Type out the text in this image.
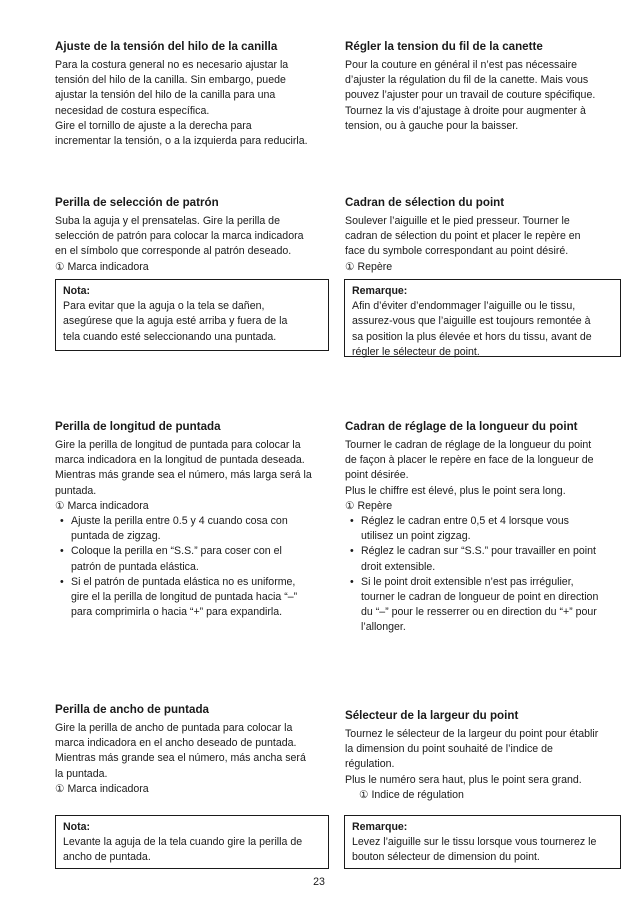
Ajuste de la tensión del hilo de la canilla
Para la costura general no es necesario ajustar la
tensión del hilo de la canilla. Sin embargo, puede
ajustar la tensión del hilo de la canilla para una
necesidad de costura específica.
Gire el tornillo de ajuste a la derecha para
incrementar la tensión, o a la izquierda para reducirla.
Régler la tension du fil de la canette
Pour la couture en général il n’est pas nécessaire
d’ajuster la régulation du fil de la canette. Mais vous
pouvez l’ajuster pour un travail de couture spécifique.
Tournez la vis d’ajustage à droite pour augmenter à
tension, ou à gauche pour la baisser.
Perilla de selección de patrón
Suba la aguja y el prensatelas. Gire la perilla de
selección de patrón para colocar la marca indicadora
en el símbolo que corresponde al patrón deseado.
① Marca indicadora
Nota:
Para evitar que la aguja o la tela se dañen,
asegúrese que la aguja esté arriba y fuera de la
tela cuando esté seleccionando una puntada.
Cadran de sélection du point
Soulever l’aiguille et le pied presseur. Tourner le
cadran de sélection du point et placer le repère en
face du symbole correspondant au point désiré.
① Repère
Remarque:
Afin d’éviter d’endommager l’aiguille ou le tissu,
assurez-vous que l’aiguille est toujours remontée à
sa position la plus élevée et hors du tissu, avant de
régler le sélecteur de point.
Perilla de longitud de puntada
Gire la perilla de longitud de puntada para colocar la
marca indicadora en la longitud de puntada deseada.
Mientras más grande sea el número, más larga será la
puntada.
① Marca indicadora
• Ajuste la perilla entre 0.5 y 4 cuando cosa con
puntada de zigzag.
• Coloque la perilla en “S.S.” para coser con el
patrón de puntada elástica.
• Si el patrón de puntada elástica no es uniforme,
gire el la perilla de longitud de puntada hacia “–”
para comprimirla o hacia “+” para expandirla.
Cadran de réglage de la longueur du point
Tourner le cadran de réglage de la longueur du point
de façon à placer le repère en face de la longueur de
point désirée.
Plus le chiffre est élevé, plus le point sera long.
① Repère
• Réglez le cadran entre 0,5 et 4 lorsque vous
utilisez un point zigzag.
• Réglez le cadran sur “S.S.” pour travailler en point
droit extensible.
• Si le point droit extensible n’est pas irrégulier,
tourner le cadran de longueur de point en direction
du “–” pour le resserrer ou en direction du “+” pour
l’allonger.
Perilla de ancho de puntada
Gire la perilla de ancho de puntada para colocar la
marca indicadora en el ancho deseado de puntada.
Mientras más grande sea el número, más ancha será
la puntada.
① Marca indicadora
Nota:
Levante la aguja de la tela cuando gire la perilla de
ancho de puntada.
Sélecteur de la largeur du point
Tournez le sélecteur de la largeur du point pour établir
la dimension du point souhaité de l’indice de
régulation.
Plus le numéro sera haut, plus le point sera grand.
① Indice de régulation
Remarque:
Levez l’aiguille sur le tissu lorsque vous tournerez le
bouton sélecteur de dimension du point.
23
